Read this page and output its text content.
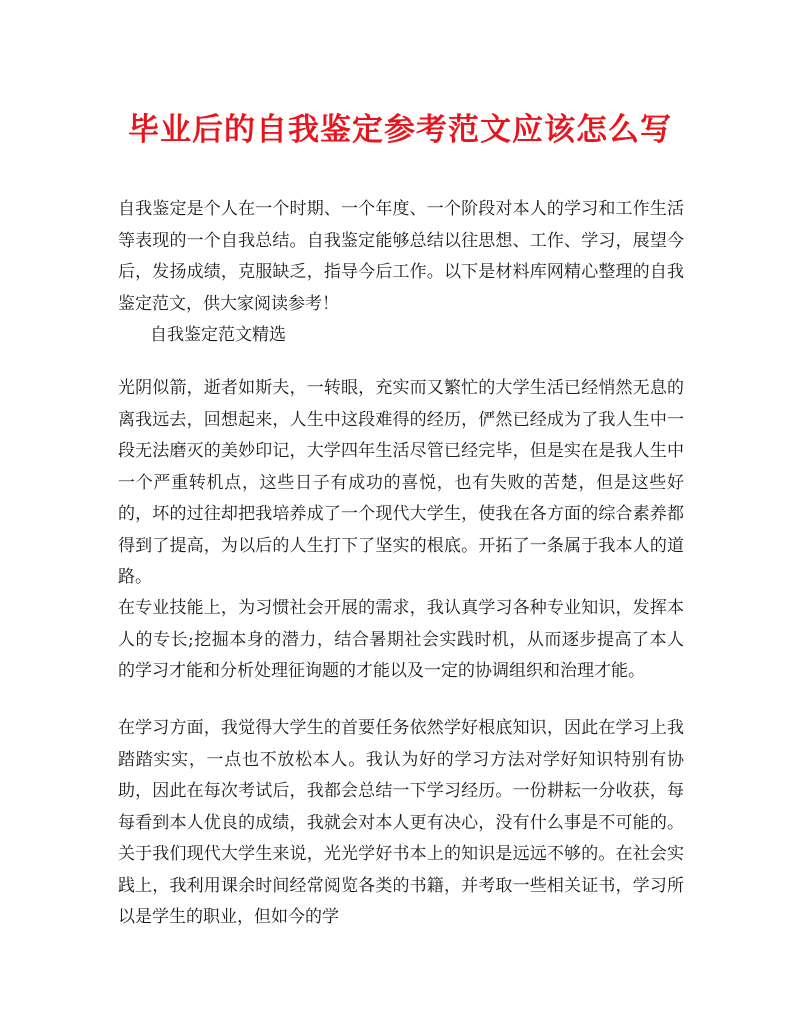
毕业后的自我鉴定参考范文应该怎么写

自我鉴定是个人在一个时期、一个年度、一个阶段对本人的学习和工作生活等表现的一个自我总结。自我鉴定能够总结以往思想、工作、学习，展望今后，发扬成绩，克服缺乏，指导今后工作。以下是材料库网精心整理的自我鉴定范文，供大家阅读参考！

自我鉴定范文精选

光阴似箭，逝者如斯夫，一转眼，充实而又繁忙的大学生活已经悄然无息的离我远去，回想起来，人生中这段难得的经历，俨然已经成为了我人生中一段无法磨灭的美妙印记，大学四年生活尽管已经完毕，但是实在是我人生中一个严重转机点，这些日子有成功的喜悦，也有失败的苦楚，但是这些好的，坏的过往却把我培养成了一个现代大学生，使我在各方面的综合素养都得到了提高，为以后的人生打下了坚实的根底。开拓了一条属于我本人的道路。

在专业技能上，为习惯社会开展的需求，我认真学习各种专业知识，发挥本人的专长;挖掘本身的潜力，结合暑期社会实践时机，从而逐步提高了本人的学习才能和分析处理征询题的才能以及一定的协调组织和治理才能。

在学习方面，我觉得大学生的首要任务依然学好根底知识，因此在学习上我踏踏实实，一点也不放松本人。我认为好的学习方法对学好知识特别有协助，因此在每次考试后，我都会总结一下学习经历。一份耕耘一分收获，每每看到本人优良的成绩，我就会对本人更有决心，没有什么事是不可能的。关于我们现代大学生来说，光光学好书本上的知识是远远不够的。在社会实践上，我利用课余时间经常阅览各类的书籍，并考取一些相关证书，学习所以是学生的职业，但如今的学
